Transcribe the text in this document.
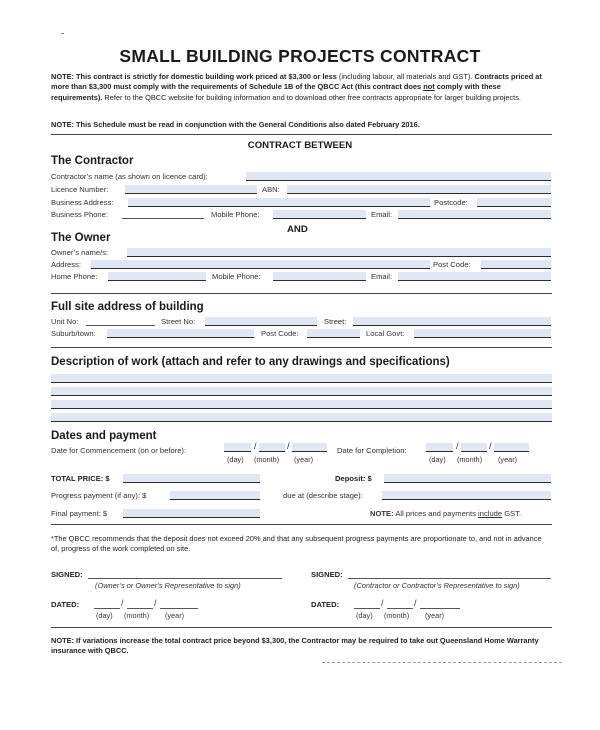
SMALL BUILDING PROJECTS CONTRACT
NOTE: This contract is strictly for domestic building work priced at $3,300 or less (including labour, all materials and GST). Contracts priced at more than $3,300 must comply with the requirements of Schedule 1B of the QBCC Act (this contract does not comply with these requirements). Refer to the QBCC website for building information and to download other free contracts appropriate for larger building projects.
NOTE: This Schedule must be read in conjunction with the General Conditions also dated February 2016.
CONTRACT BETWEEN
The Contractor
Contractor’s name (as shown on licence card):
Licence Number:	ABN:
Business Address:	Postcode:
Business Phone:	Mobile Phone:	Email:
AND
The Owner
Owner’s name/s:
Address:	Post Code:
Home Phone:	Mobile Phone:	Email:
Full site address of building
Unit No:	Street No:	Street:
Suburb/town:	Post Code:	Local Govt:
Description of work (attach and refer to any drawings and specifications)
Dates and payment
Date for Commencement (on or before):	/	/
(day) (month) (year)
Date for Completion:	/	/
(day) (month) (year)
TOTAL PRICE: $	Deposit: $
Progress payment (if any): $	due at (describe stage):
Final payment: $	NOTE: All prices and payments include GST.
*The QBCC recommends that the deposit does not exceed 20% and that any subsequent progress payments are proportionate to, and not in advance of, progress of the work completed on site.
SIGNED:
(Owner’s or Owner’s Representative to sign)
SIGNED:
(Contractor or Contractor’s Representative to sign)
DATED:	/	/
(day) (month) (year)
DATED:	/	/
(day) (month) (year)
NOTE: If variations increase the total contract price beyond $3,300, the Contractor may be required to take out Queensland Home Warranty insurance with QBCC.
